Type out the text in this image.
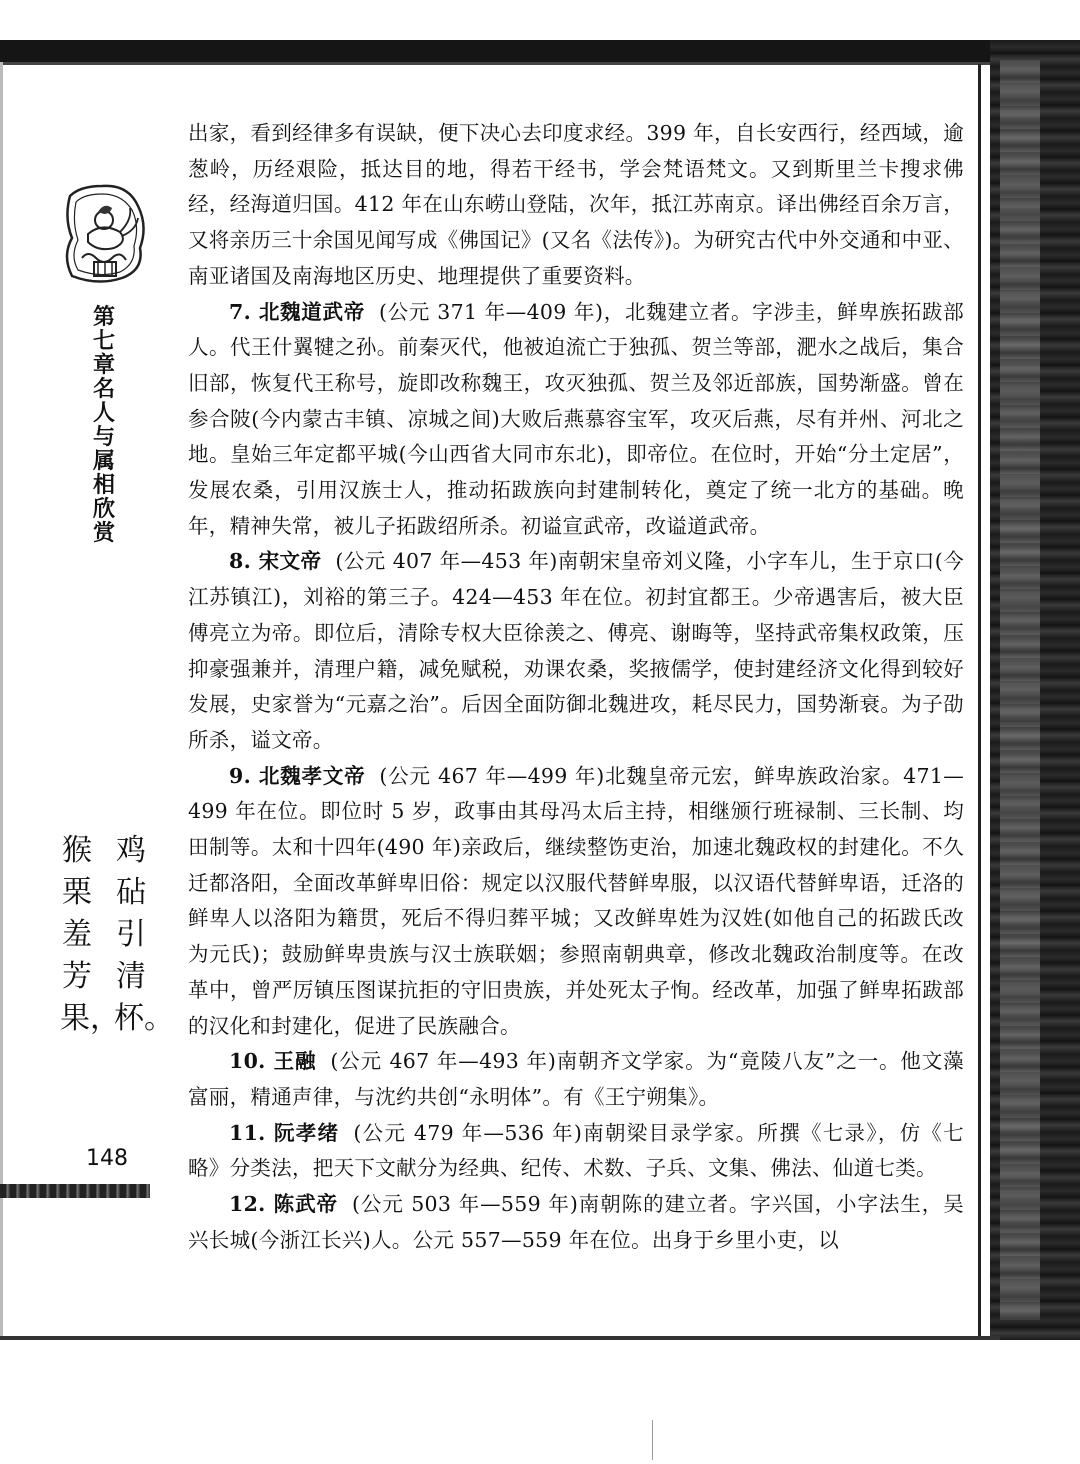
第七章 名人与属相欣赏
鸡砧引清杯。
猴栗羞芳果，
148

出家，看到经律多有误缺，便下决心去印度求经。399 年，自长安西行，经西域，逾葱岭，历经艰险，抵达目的地，得若干经书，学会梵语梵文。又到斯里兰卡搜求佛经，经海道归国。412 年在山东崂山登陆，次年，抵江苏南京。译出佛经百余万言，又将亲历三十余国见闻写成《佛国记》(又名《法传》)。为研究古代中外交通和中亚、南亚诸国及南海地区历史、地理提供了重要资料。

7. 北魏道武帝 (公元 371 年—409 年)，北魏建立者。字涉圭，鲜卑族拓跋部人。代王什翼犍之孙。前秦灭代，他被迫流亡于独孤、贺兰等部，淝水之战后，集合旧部，恢复代王称号，旋即改称魏王，攻灭独孤、贺兰及邻近部族，国势渐盛。曾在参合陂(今内蒙古丰镇、凉城之间)大败后燕慕容宝军，攻灭后燕，尽有并州、河北之地。皇始三年定都平城(今山西省大同市东北)，即帝位。在位时，开始“分土定居”，发展农桑，引用汉族士人，推动拓跋族向封建制转化，奠定了统一北方的基础。晚年，精神失常，被儿子拓跋绍所杀。初谥宣武帝，改谥道武帝。

8. 宋文帝 (公元 407 年—453 年)南朝宋皇帝刘义隆，小字车儿，生于京口(今江苏镇江)，刘裕的第三子。424—453 年在位。初封宜都王。少帝遇害后，被大臣傅亮立为帝。即位后，清除专权大臣徐羡之、傅亮、谢晦等，坚持武帝集权政策，压抑豪强兼并，清理户籍，减免赋税，劝课农桑，奖掖儒学，使封建经济文化得到较好发展，史家誉为“元嘉之治”。后因全面防御北魏进攻，耗尽民力，国势渐衰。为子劭所杀，谥文帝。

9. 北魏孝文帝 (公元 467 年—499 年)北魏皇帝元宏，鲜卑族政治家。471—499 年在位。即位时 5 岁，政事由其母冯太后主持，相继颁行班禄制、三长制、均田制等。太和十四年(490 年)亲政后，继续整饬吏治，加速北魏政权的封建化。不久迁都洛阳，全面改革鲜卑旧俗：规定以汉服代替鲜卑服，以汉语代替鲜卑语，迁洛的鲜卑人以洛阳为籍贯，死后不得归葬平城；又改鲜卑姓为汉姓(如他自己的拓跋氏改为元氏)；鼓励鲜卑贵族与汉士族联姻；参照南朝典章，修改北魏政治制度等。在改革中，曾严厉镇压图谋抗拒的守旧贵族，并处死太子恂。经改革，加强了鲜卑拓跋部的汉化和封建化，促进了民族融合。

10. 王融 (公元 467 年—493 年)南朝齐文学家。为“竟陵八友”之一。他文藻富丽，精通声律，与沈约共创“永明体”。有《王宁朔集》。

11. 阮孝绪 (公元 479 年—536 年)南朝梁目录学家。所撰《七录》，仿《七略》分类法，把天下文献分为经典、纪传、术数、子兵、文集、佛法、仙道七类。

12. 陈武帝 (公元 503 年—559 年)南朝陈的建立者。字兴国，小字法生，吴兴长城(今浙江长兴)人。公元 557—559 年在位。出身于乡里小吏，以
